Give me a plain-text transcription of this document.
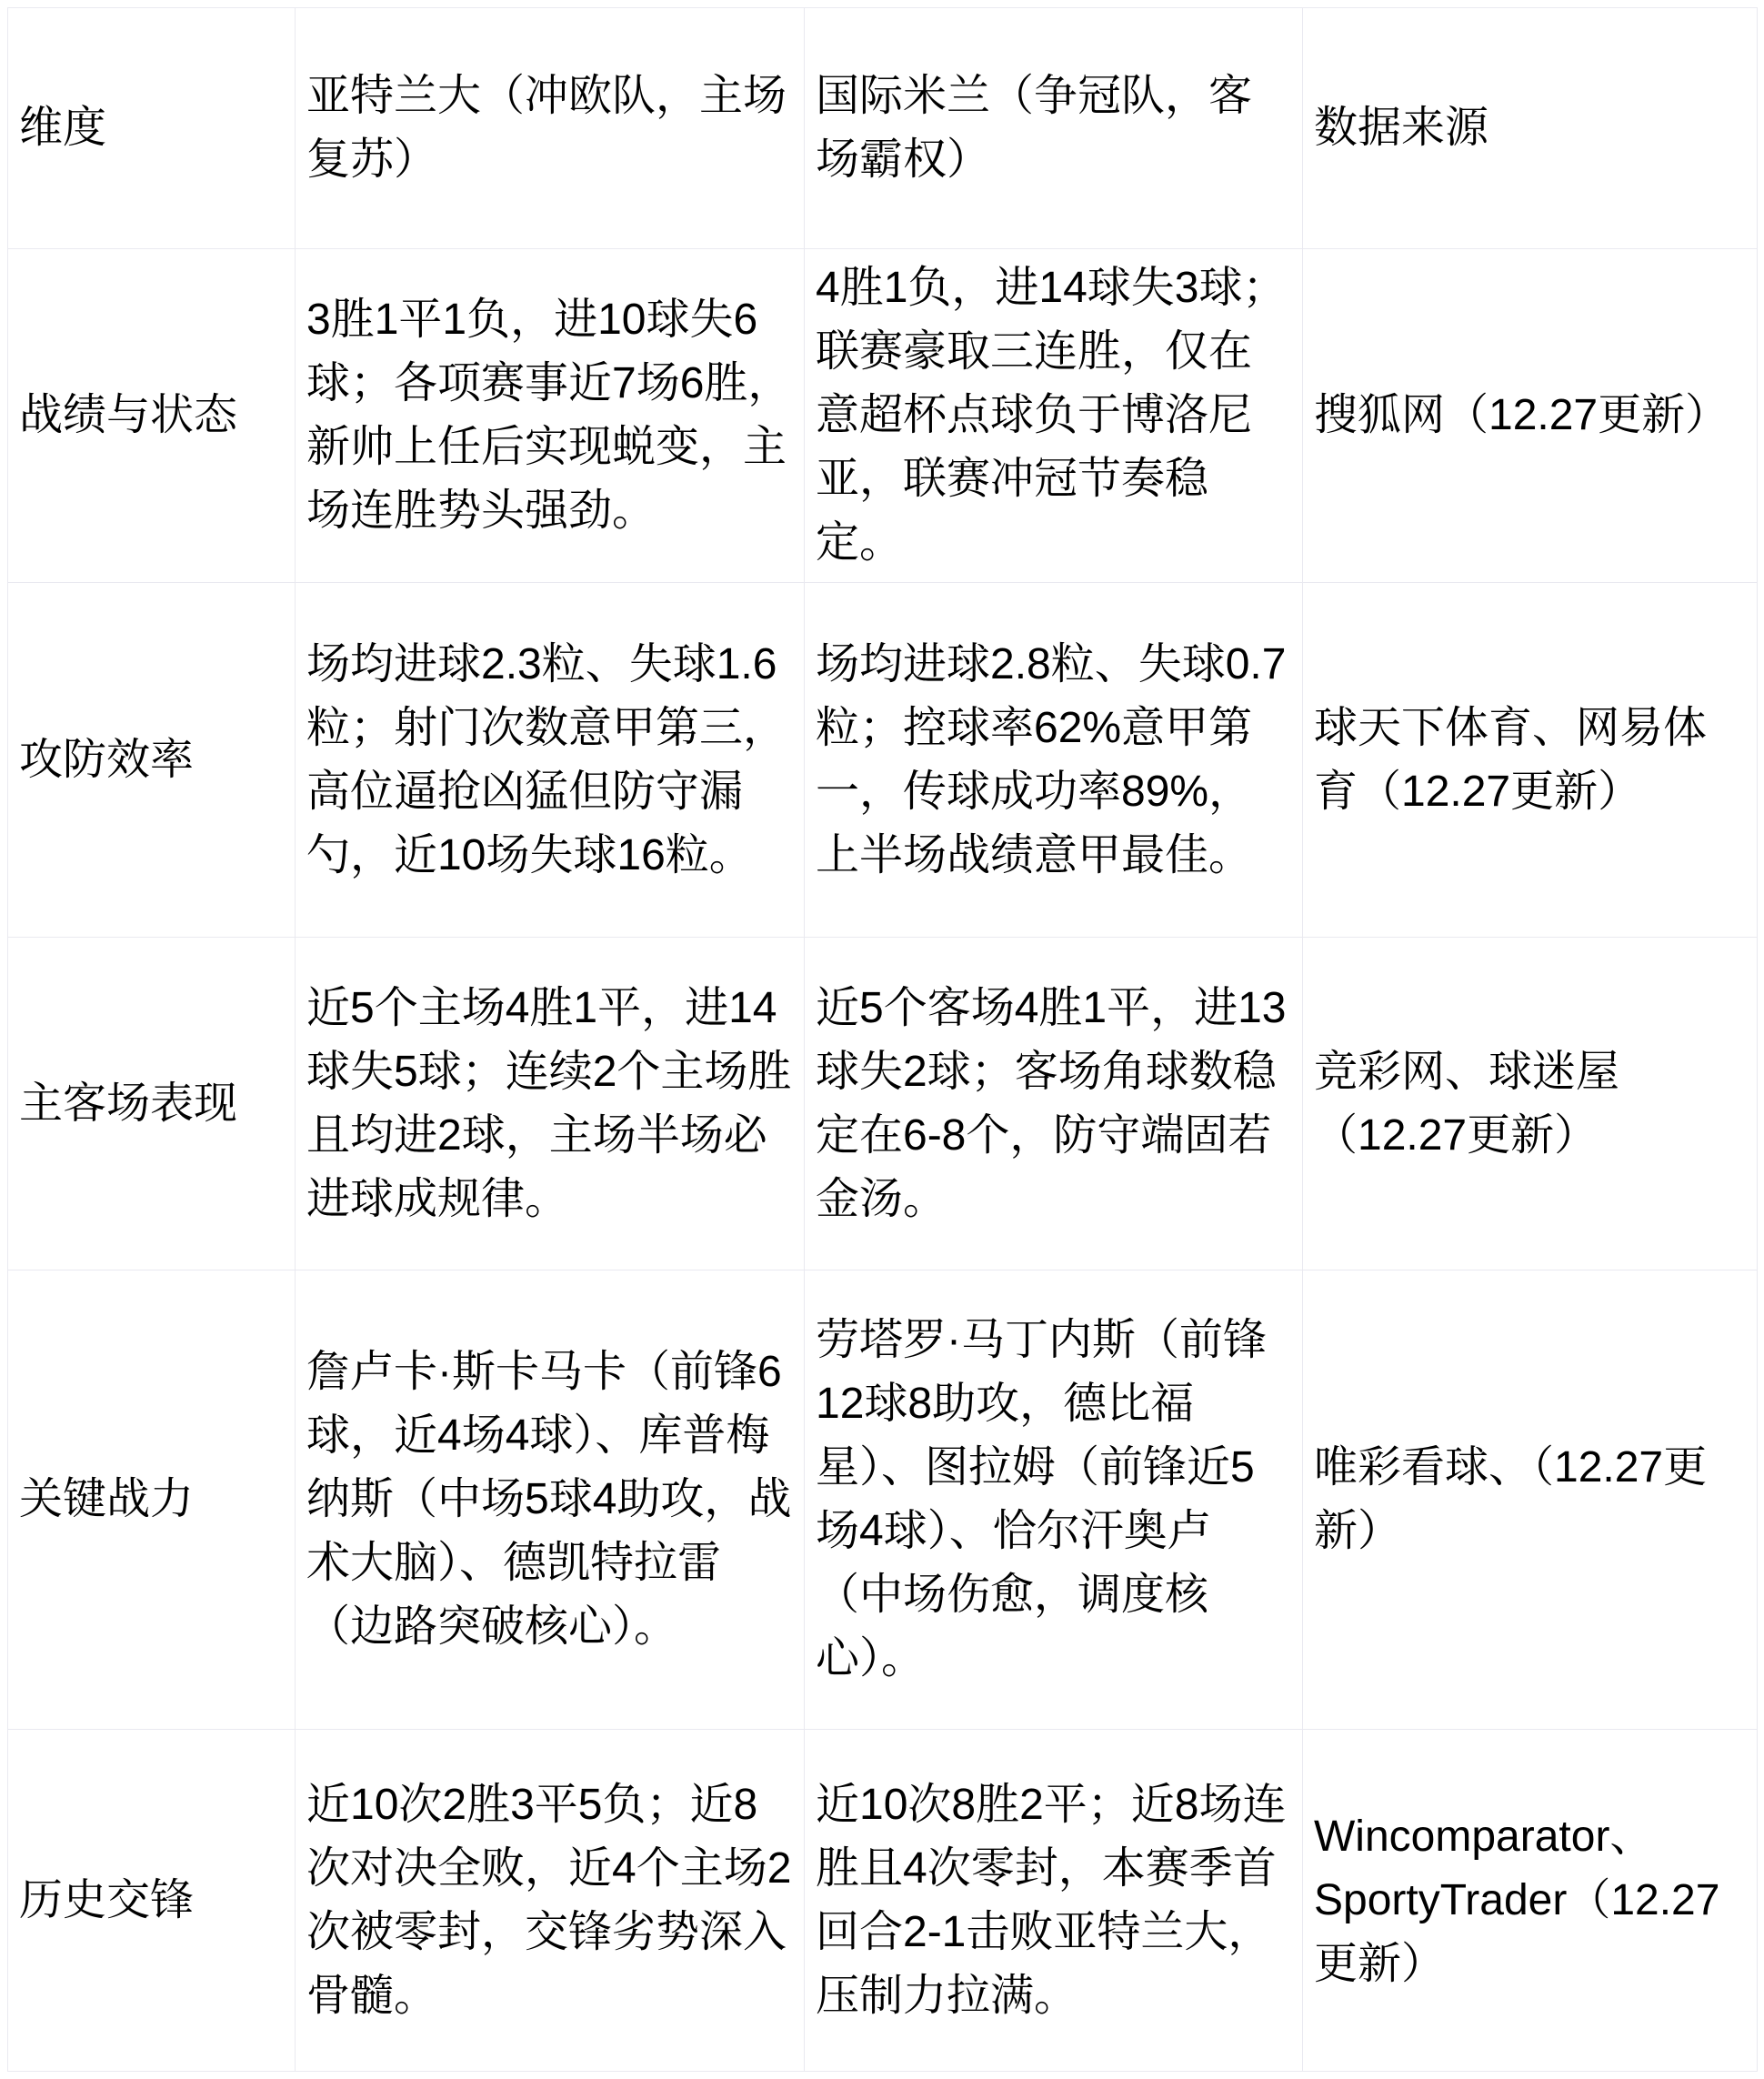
维度	亚特兰大（冲欧队，主场复苏）	国际米兰（争冠队，客场霸权）	数据来源
战绩与状态	3胜1平1负，进10球失6球；各项赛事近7场6胜，新帅上任后实现蜕变，主场连胜势头强劲。	4胜1负，进14球失3球；联赛豪取三连胜，仅在意超杯点球负于博洛尼亚，联赛冲冠节奏稳定。	搜狐网（12.27更新）
攻防效率	场均进球2.3粒、失球1.6粒；射门次数意甲第三，高位逼抢凶猛但防守漏勺，近10场失球16粒。	场均进球2.8粒、失球0.7粒；控球率62%意甲第一，传球成功率89%，上半场战绩意甲最佳。	球天下体育、网易体育（12.27更新）
主客场表现	近5个主场4胜1平，进14球失5球；连续2个主场胜且均进2球，主场半场必进球成规律。	近5个客场4胜1平，进13球失2球；客场角球数稳定在6-8个，防守端固若金汤。	竞彩网、球迷屋（12.27更新）
关键战力	詹卢卡·斯卡马卡（前锋6球，近4场4球）、库普梅纳斯（中场5球4助攻，战术大脑）、德凯特拉雷（边路突破核心）。	劳塔罗·马丁内斯（前锋12球8助攻，德比福星）、图拉姆（前锋近5场4球）、恰尔汗奥卢（中场伤愈，调度核心）。	唯彩看球、（12.27更新）
历史交锋	近10次2胜3平5负；近8次对决全败，近4个主场2次被零封，交锋劣势深入骨髓。	近10次8胜2平；近8场连胜且4次零封，本赛季首回合2-1击败亚特兰大，压制力拉满。	Wincomparator、SportyTrader（12.27更新）
